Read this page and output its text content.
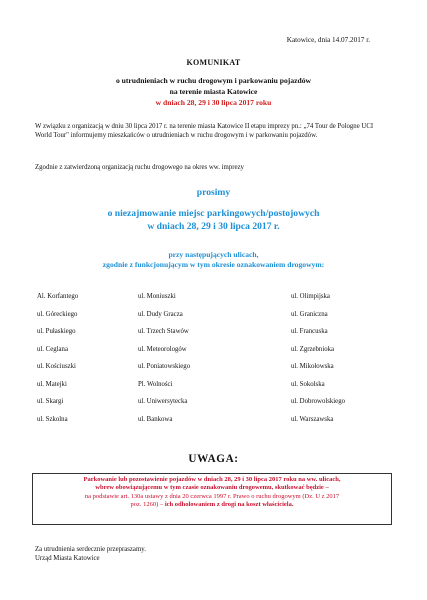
Katowice, dnia 14.07.2017 r.
KOMUNIKAT
o utrudnieniach w ruchu drogowym i parkowaniu pojazdów
na terenie miasta Katowice
w dniach 28, 29 i 30 lipca 2017 roku
W związku z organizacją w dniu 30 lipca 2017 r. na terenie miasta Katowice II etapu imprezy pn.: „74 Tour de Pologne UCI World Tour" informujemy mieszkańców o utrudnieniach w ruchu drogowym i w parkowaniu pojazdów.
Zgodnie z zatwierdzoną organizacją ruchu drogowego na okres ww. imprezy
prosimy
o niezajmowanie miejsc parkingowych/postojowych
w dniach 28, 29 i 30 lipca 2017 r.
przy następujących ulicach,
zgodnie z funkcjonującym w tym okresie oznakowaniem drogowym:
Al. Korfantego
ul. Góreckiego
ul. Pułaskiego
ul. Ceglana
ul. Kościuszki
ul. Matejki
ul. Skargi
ul. Szkolna
ul. Moniuszki
ul. Dudy Gracza
ul. Trzech Stawów
ul. Meteorologów
ul. Poniatowskiego
Pl. Wolności
ul. Uniwersytecka
ul. Bankowa
ul. Olimpijska
ul. Graniczna
ul. Francuska
ul. Zgrzebnioka
ul. Mikołowska
ul. Sokolska
ul. Dobrowolskiego
ul. Warszawska
UWAGA:
Parkowanie lub pozostawienie pojazdów w dniach 28, 29 i 30 lipca 2017 roku na ww. ulicach,
wbrew obowiązującemu w tym czasie oznakowaniu drogowemu, skutkować będzie –
na podstawie art. 130a ustawy z dnia 20 czerwca 1997 r. Prawo o ruchu drogowym (Dz. U z 2017
poz. 1260) – ich odholowaniem z drogi na koszt właściciela.
Za utrudnienia serdecznie przepraszamy.
Urząd Miasta Katowice
